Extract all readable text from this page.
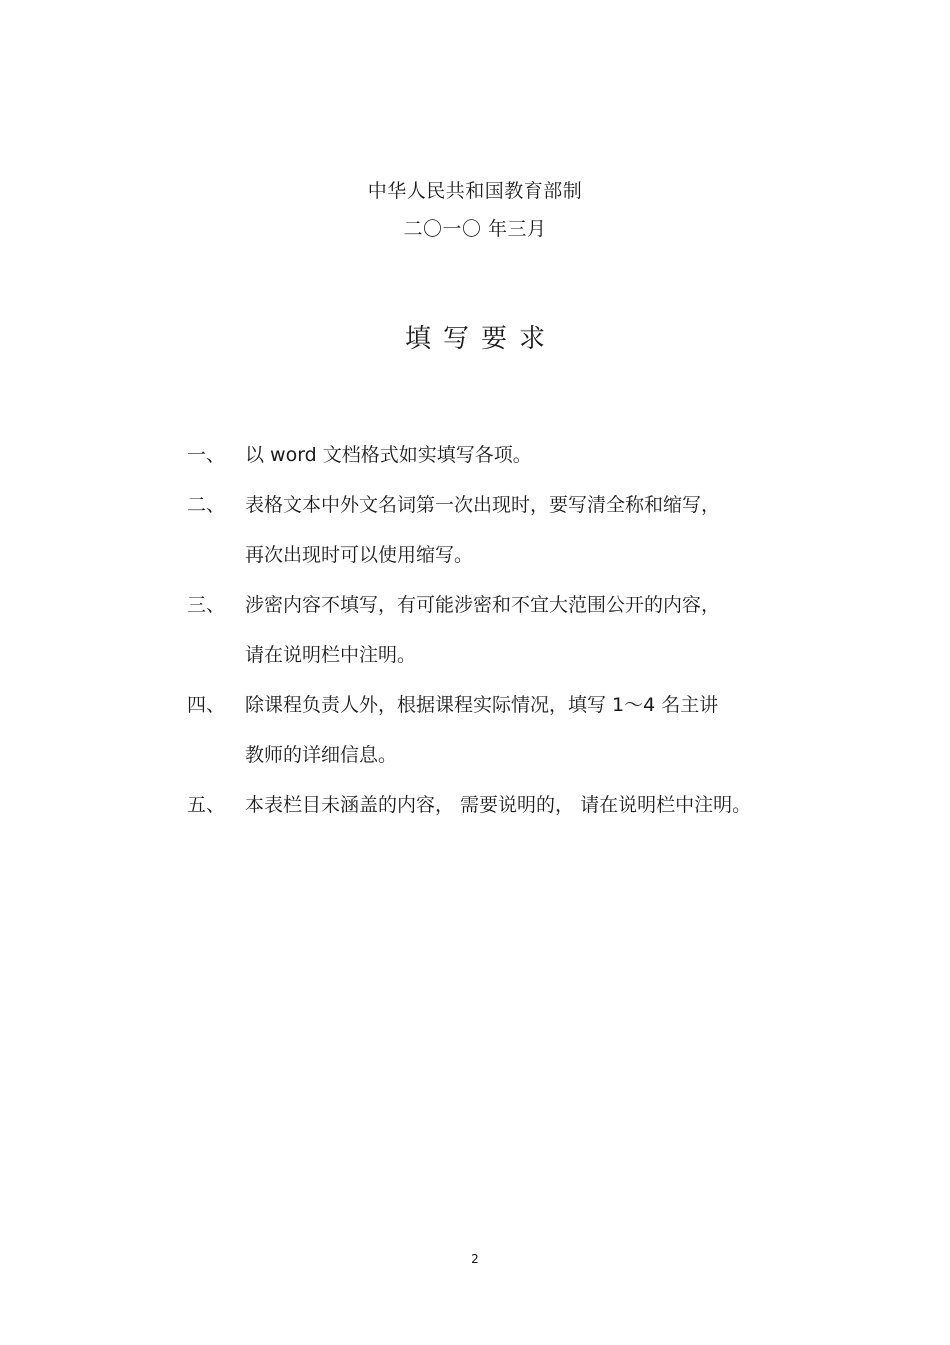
中华人民共和国教育部制
二〇一〇 年三月
填写要求
一、	以 word 文档格式如实填写各项。
二、	表格文本中外文名词第一次出现时，要写清全称和缩写，
再次出现时可以使用缩写。
三、	涉密内容不填写，有可能涉密和不宜大范围公开的内容，
请在说明栏中注明。
四、	除课程负责人外，根据课程实际情况，填写 1～4 名主讲
教师的详细信息。
五、	本表栏目未涵盖的内容， 需要说明的， 请在说明栏中注明。
2
